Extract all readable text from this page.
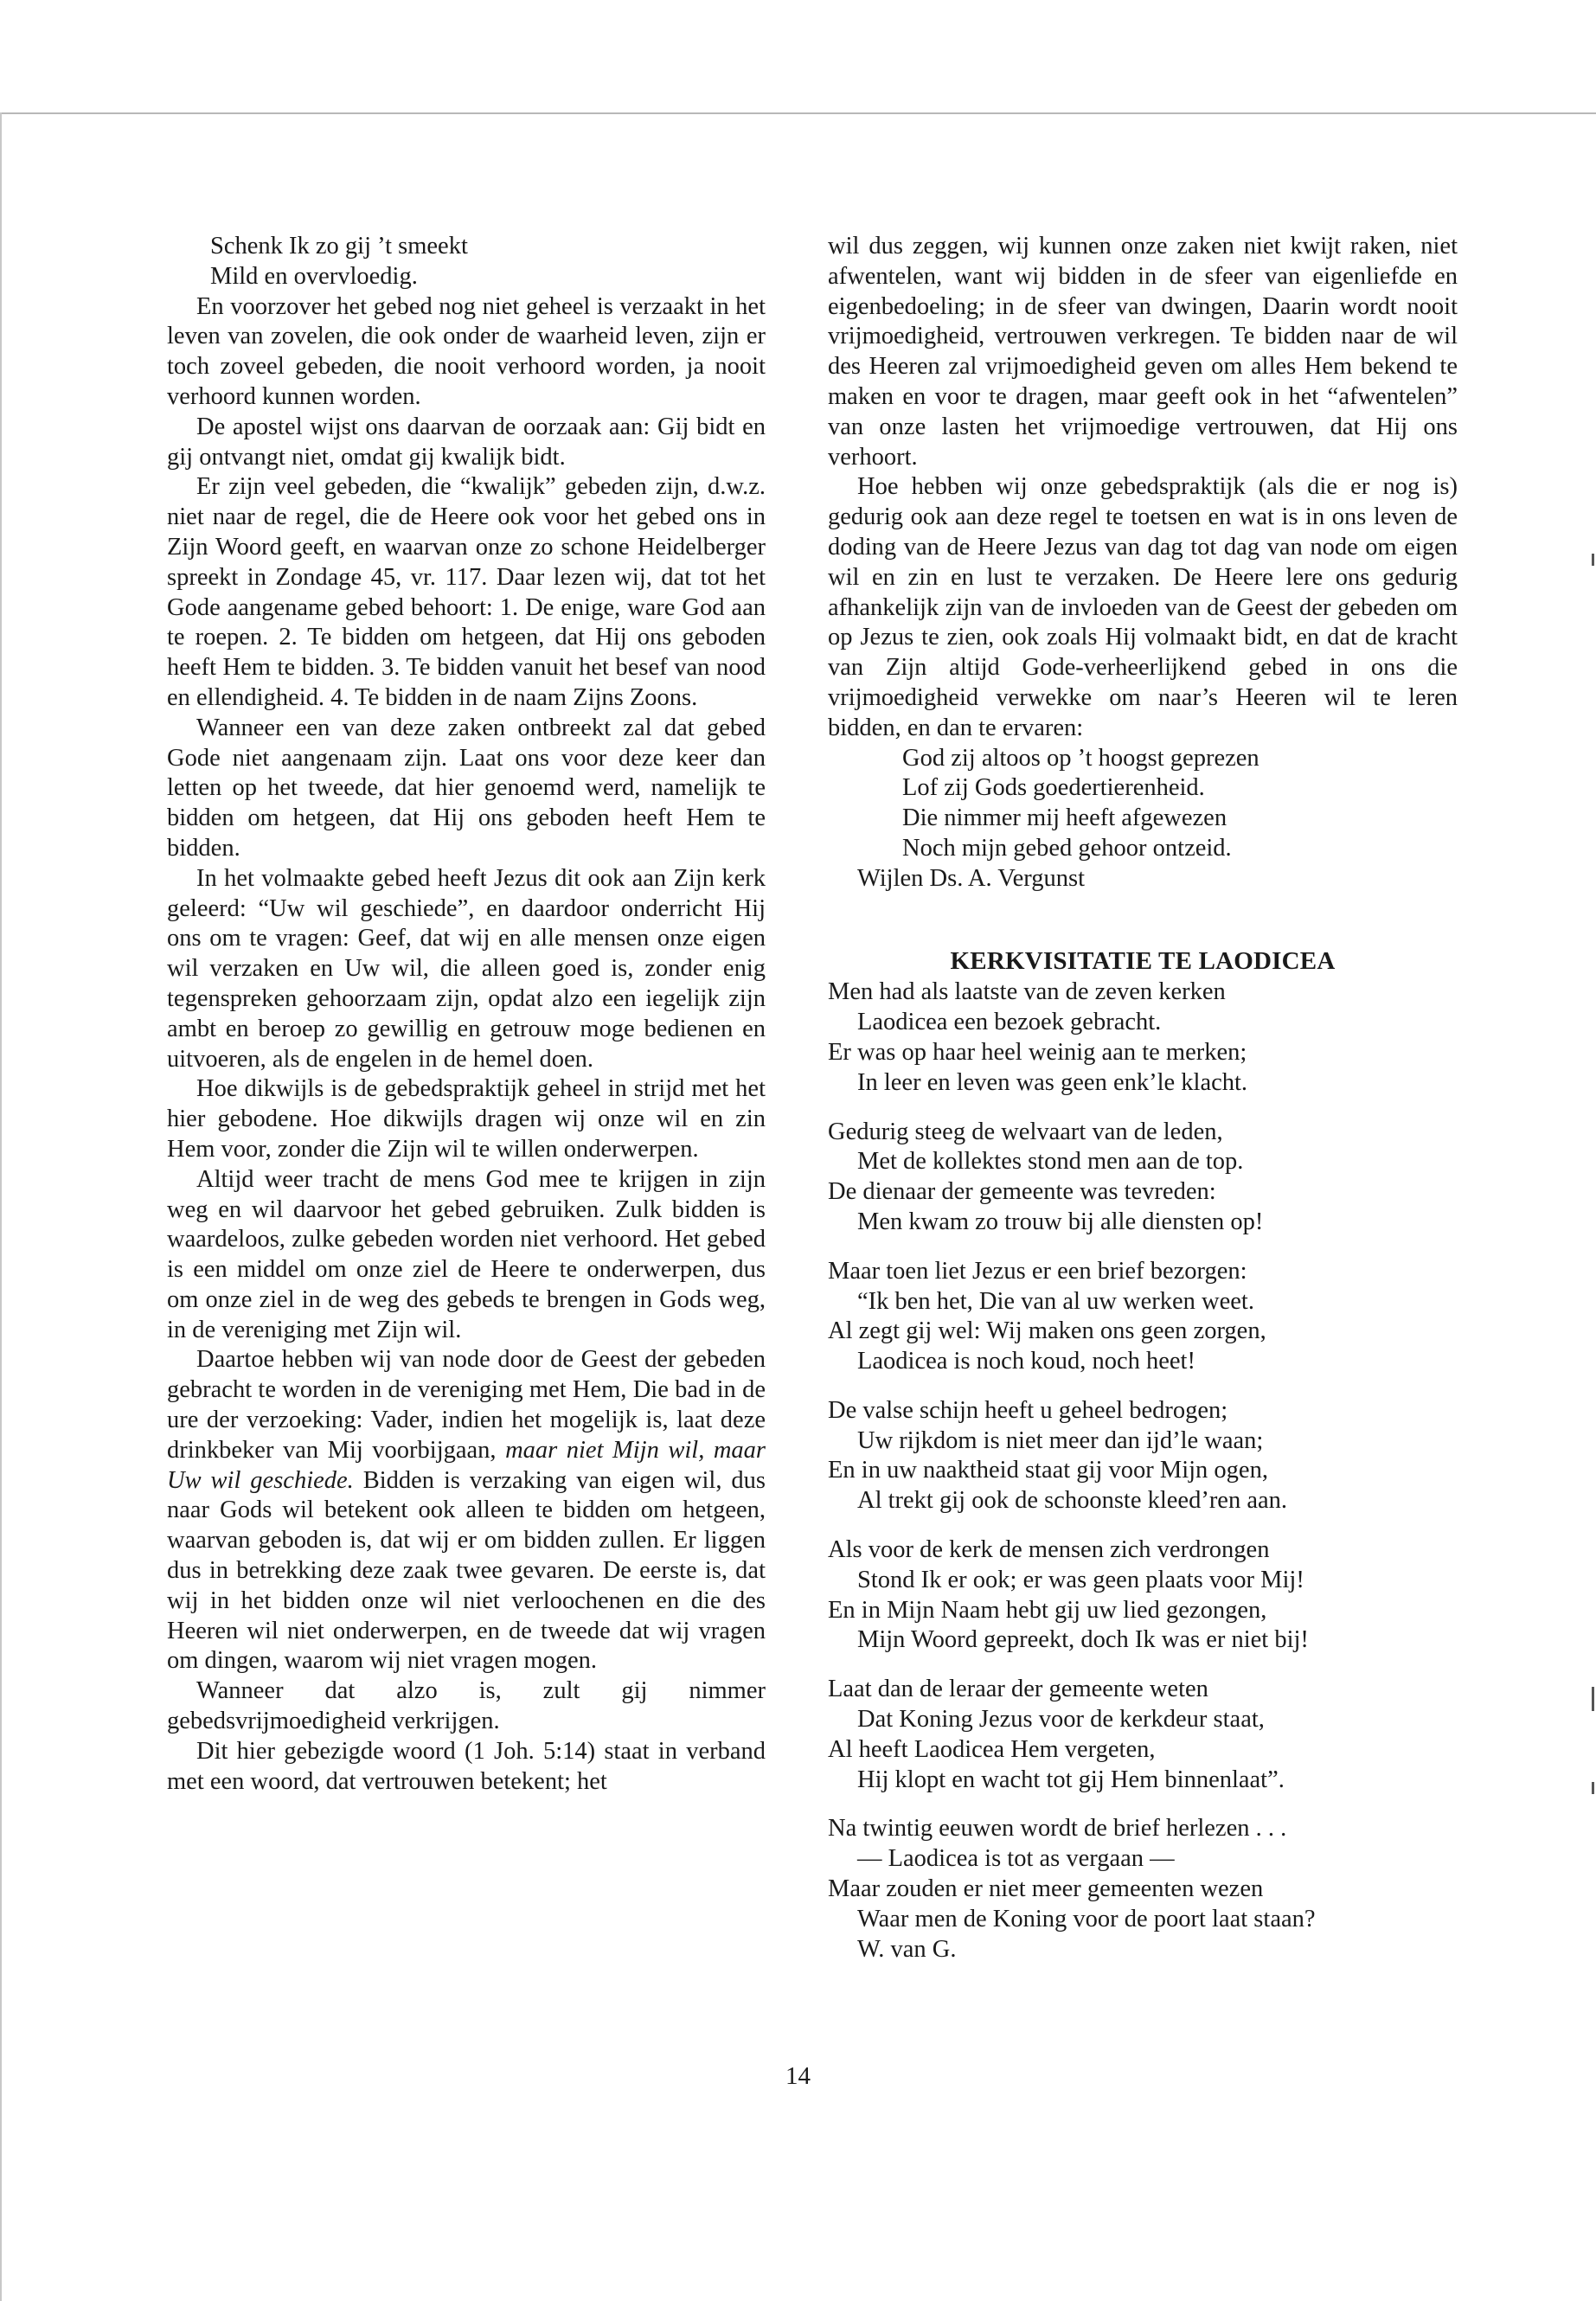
Schenk Ik zo gij ’t smeekt
Mild en overvloedig.

En voorzover het gebed nog niet geheel is verzaakt in het leven van zovelen, die ook onder de waarheid leven, zijn er toch zoveel gebeden, die nooit verhoord worden, ja nooit verhoord kunnen worden.

De apostel wijst ons daarvan de oorzaak aan: Gij bidt en gij ontvangt niet, omdat gij kwalijk bidt.

Er zijn veel gebeden, die “kwalijk” gebeden zijn, d.w.z. niet naar de regel, die de Heere ook voor het gebed ons in Zijn Woord geeft, en waarvan onze zo schone Heidelberger spreekt in Zondage 45, vr. 117. Daar lezen wij, dat tot het Gode aangename gebed behoort: 1. De enige, ware God aan te roepen. 2. Te bidden om hetgeen, dat Hij ons geboden heeft Hem te bidden. 3. Te bidden vanuit het besef van nood en ellendigheid. 4. Te bidden in de naam Zijns Zoons.

Wanneer een van deze zaken ontbreekt zal dat gebed Gode niet aangenaam zijn. Laat ons voor deze keer dan letten op het tweede, dat hier genoemd werd, namelijk te bidden om hetgeen, dat Hij ons geboden heeft Hem te bidden.

In het volmaakte gebed heeft Jezus dit ook aan Zijn kerk geleerd: “Uw wil geschiede”, en daardoor onderricht Hij ons om te vragen: Geef, dat wij en alle mensen onze eigen wil verzaken en Uw wil, die alleen goed is, zonder enig tegenspreken gehoorzaam zijn, opdat alzo een iegelijk zijn ambt en beroep zo gewillig en getrouw moge bedienen en uitvoeren, als de engelen in de hemel doen.

Hoe dikwijls is de gebedspraktijk geheel in strijd met het hier gebodene. Hoe dikwijls dragen wij onze wil en zin Hem voor, zonder die Zijn wil te willen onderwerpen.

Altijd weer tracht de mens God mee te krijgen in zijn weg en wil daarvoor het gebed gebruiken. Zulk bidden is waardeloos, zulke gebeden worden niet verhoord. Het gebed is een middel om onze ziel de Heere te onderwerpen, dus om onze ziel in de weg des gebeds te brengen in Gods weg, in de vereniging met Zijn wil.

Daartoe hebben wij van node door de Geest der gebeden gebracht te worden in de vereniging met Hem, Die bad in de ure der verzoeking: Vader, indien het mogelijk is, laat deze drinkbeker van Mij voorbijgaan, maar niet Mijn wil, maar Uw wil geschiede. Bidden is verzaking van eigen wil, dus naar Gods wil betekent ook alleen te bidden om hetgeen, waarvan geboden is, dat wij er om bidden zullen. Er liggen dus in betrekking deze zaak twee gevaren. De eerste is, dat wij in het bidden onze wil niet verloochenen en die des Heeren wil niet onderwerpen, en de tweede dat wij vragen om dingen, waarom wij niet vragen mogen.

Wanneer dat alzo is, zult gij nimmer gebedsvrijmoedigheid verkrijgen.

Dit hier gebezigde woord (1 Joh. 5:14) staat in verband met een woord, dat vertrouwen betekent; het

wil dus zeggen, wij kunnen onze zaken niet kwijt raken, niet afwentelen, want wij bidden in de sfeer van eigenliefde en eigenbedoeling; in de sfeer van dwingen, Daarin wordt nooit vrijmoedigheid, vertrouwen verkregen. Te bidden naar de wil des Heeren zal vrijmoedigheid geven om alles Hem bekend te maken en voor te dragen, maar geeft ook in het “afwentelen” van onze lasten het vrijmoedige vertrouwen, dat Hij ons verhoort.

Hoe hebben wij onze gebedspraktijk (als die er nog is) gedurig ook aan deze regel te toetsen en wat is in ons leven de doding van de Heere Jezus van dag tot dag van node om eigen wil en zin en lust te verzaken. De Heere lere ons gedurig afhankelijk zijn van de invloeden van de Geest der gebeden om op Jezus te zien, ook zoals Hij volmaakt bidt, en dat de kracht van Zijn altijd Gode-verheerlijkend gebed in ons die vrijmoedigheid verwekke om naar’s Heeren wil te leren bidden, en dan te ervaren:

God zij altoos op ’t hoogst geprezen
Lof zij Gods goedertierenheid.
Die nimmer mij heeft afgewezen
Noch mijn gebed gehoor ontzeid.

Wijlen Ds. A. Vergunst

KERKVISITATIE TE LAODICEA
Men had als laatste van de zeven kerken
Laodicea een bezoek gebracht.
Er was op haar heel weinig aan te merken;
In leer en leven was geen enk’le klacht.
Gedurig steeg de welvaart van de leden,
Met de kollektes stond men aan de top.
De dienaar der gemeente was tevreden:
Men kwam zo trouw bij alle diensten op!
Maar toen liet Jezus er een brief bezorgen:
“Ik ben het, Die van al uw werken weet.
Al zegt gij wel: Wij maken ons geen zorgen,
Laodicea is noch koud, noch heet!
De valse schijn heeft u geheel bedrogen;
Uw rijkdom is niet meer dan ijd’le waan;
En in uw naaktheid staat gij voor Mijn ogen,
Al trekt gij ook de schoonste kleed’ren aan.
Als voor de kerk de mensen zich verdrongen
Stond Ik er ook; er was geen plaats voor Mij!
En in Mijn Naam hebt gij uw lied gezongen,
Mijn Woord gepreekt, doch Ik was er niet bij!
Laat dan de leraar der gemeente weten
Dat Koning Jezus voor de kerkdeur staat,
Al heeft Laodicea Hem vergeten,
Hij klopt en wacht tot gij Hem binnenlaat”.
Na twintig eeuwen wordt de brief herlezen . . .
— Laodicea is tot as vergaan —
Maar zouden er niet meer gemeenten wezen
Waar men de Koning voor de poort laat staan?

W. van G.

14
